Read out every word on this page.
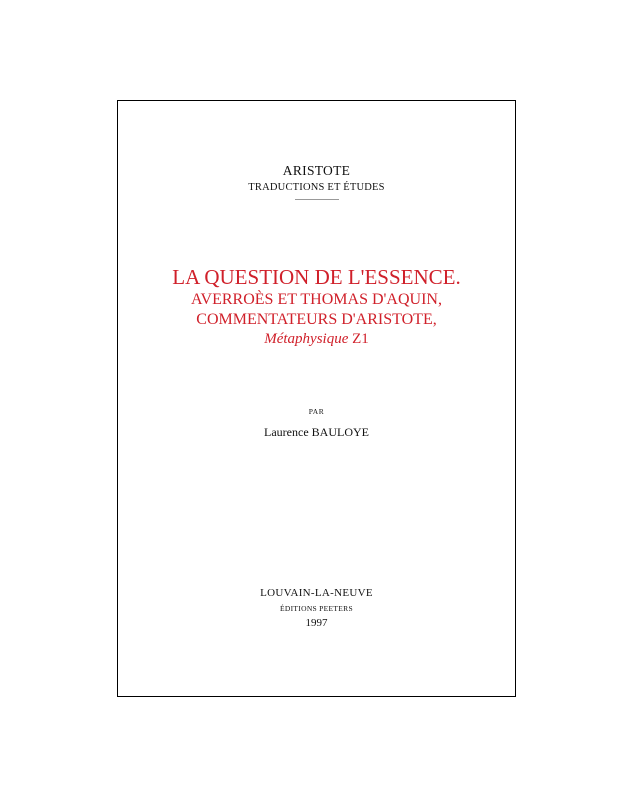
ARISTOTE
TRADUCTIONS ET ÉTUDES
LA QUESTION DE L'ESSENCE.
AVERROÈS ET THOMAS D'AQUIN,
COMMENTATEURS D'ARISTOTE,
Métaphysique Z1
PAR
Laurence BAULOYE
LOUVAIN-LA-NEUVE
ÉDITIONS PEETERS
1997
